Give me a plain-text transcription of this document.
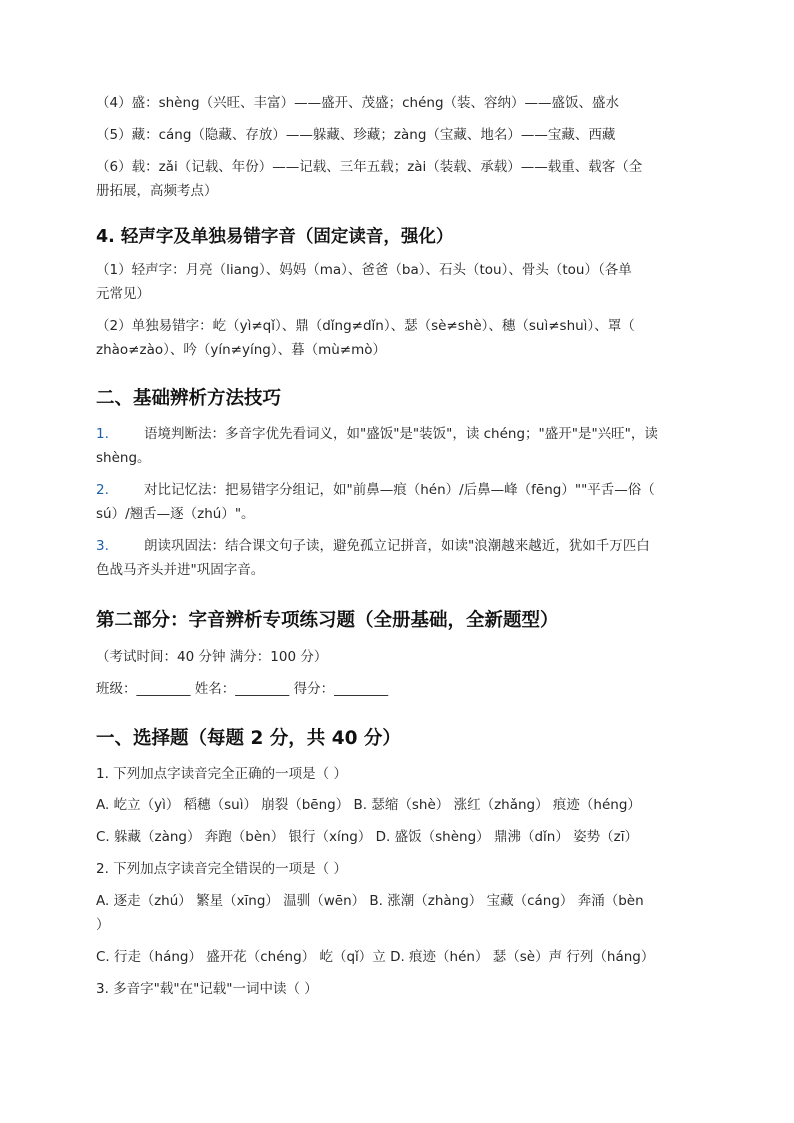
（4）盛：shèng（兴旺、丰富）——盛开、茂盛；chéng（装、容纳）——盛饭、盛水
（5）藏：cáng（隐藏、存放）——躲藏、珍藏；zàng（宝藏、地名）——宝藏、西藏
（6）载：zǎi（记载、年份）——记载、三年五载；zài（装载、承载）——载重、载客（全
册拓展，高频考点）
4. 轻声字及单独易错字音（固定读音，强化）
（1）轻声字：月亮（liang）、妈妈（ma）、爸爸（ba）、石头（tou）、骨头（tou）（各单
元常见）
（2）单独易错字：屹（yì≠qǐ）、鼎（dǐng≠dǐn）、瑟（sè≠shè）、穗（suì≠shuì）、罩（
zhào≠zào）、吟（yín≠yíng）、暮（mù≠mò）
二、基础辨析方法技巧
1.	语境判断法：多音字优先看词义，如"盛饭"是"装饭"，读 chéng；"盛开"是"兴旺"，读
shèng。
2.	对比记忆法：把易错字分组记，如"前鼻—痕（hén）/后鼻—峰（fēng）""平舌—俗（
sú）/翘舌—逐（zhú）"。
3.	朗读巩固法：结合课文句子读，避免孤立记拼音，如读"浪潮越来越近，犹如千万匹白
色战马齐头并进"巩固字音。
第二部分：字音辨析专项练习题（全册基础，全新题型）
（考试时间：40 分钟 满分：100 分）
班级：________ 姓名：________ 得分：________
一、选择题（每题 2 分，共 40 分）
1. 下列加点字读音完全正确的一项是（ ）
A. 屹立（yì） 稻穗（suì） 崩裂（bēng） B. 瑟缩（shè） 涨红（zhǎng） 痕迹（héng）
C. 躲藏（zàng） 奔跑（bèn） 银行（xíng） D. 盛饭（shèng） 鼎沸（dǐn） 姿势（zī）
2. 下列加点字读音完全错误的一项是（ ）
A. 逐走（zhú） 繁星（xīng） 温驯（wēn） B. 涨潮（zhàng） 宝藏（cáng） 奔涌（bèn
）
C. 行走（háng） 盛开花（chéng） 屹（qǐ）立 D. 痕迹（hén） 瑟（sè）声 行列（háng）
3. 多音字"载"在"记载"一词中读（ ）
